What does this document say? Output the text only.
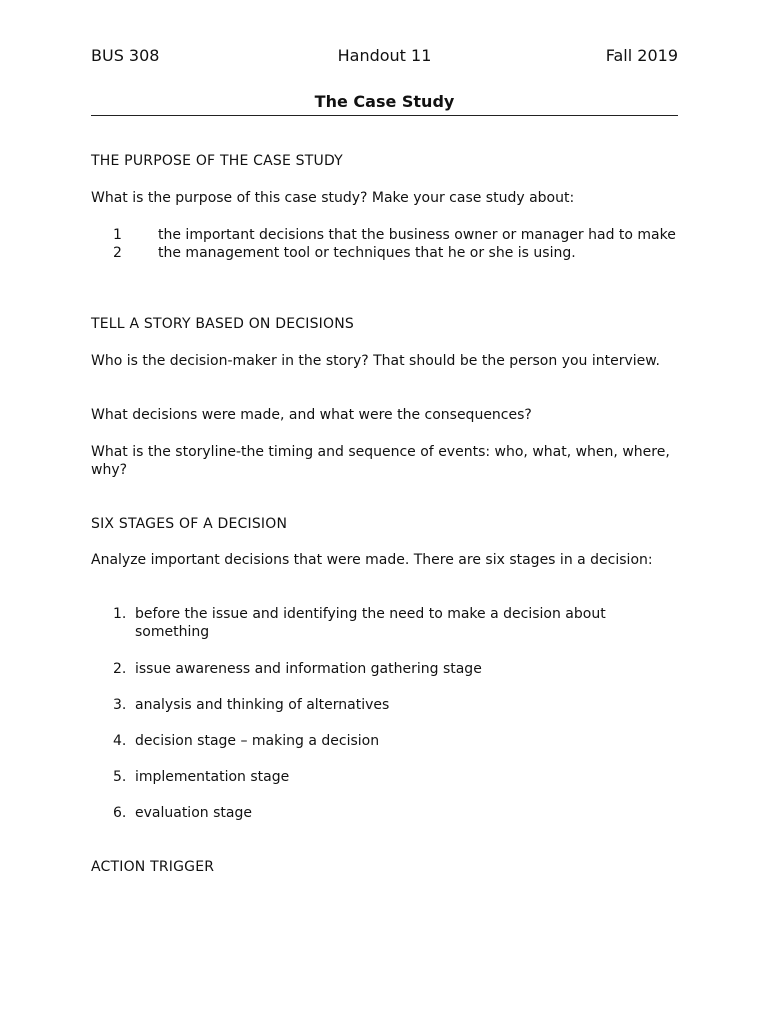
BUS 308	Handout 11	Fall 2019
The Case Study
THE PURPOSE OF THE CASE STUDY
What is the purpose of this case study? Make your case study about:
1	the important decisions that the business owner or manager had to make
2	the management tool or techniques that he or she is using.
TELL A STORY BASED ON DECISIONS
Who is the decision-maker in the story? That should be the person you interview.
What decisions were made, and what were the consequences?
What is the storyline-the timing and sequence of events: who, what, when, where, why?
SIX STAGES OF A DECISION
Analyze important decisions that were made. There are six stages in a decision:
1. before the issue and identifying the need to make a decision about something
2. issue awareness and information gathering stage
3. analysis and thinking of alternatives
4. decision stage – making a decision
5. implementation stage
6. evaluation stage
ACTION TRIGGER
